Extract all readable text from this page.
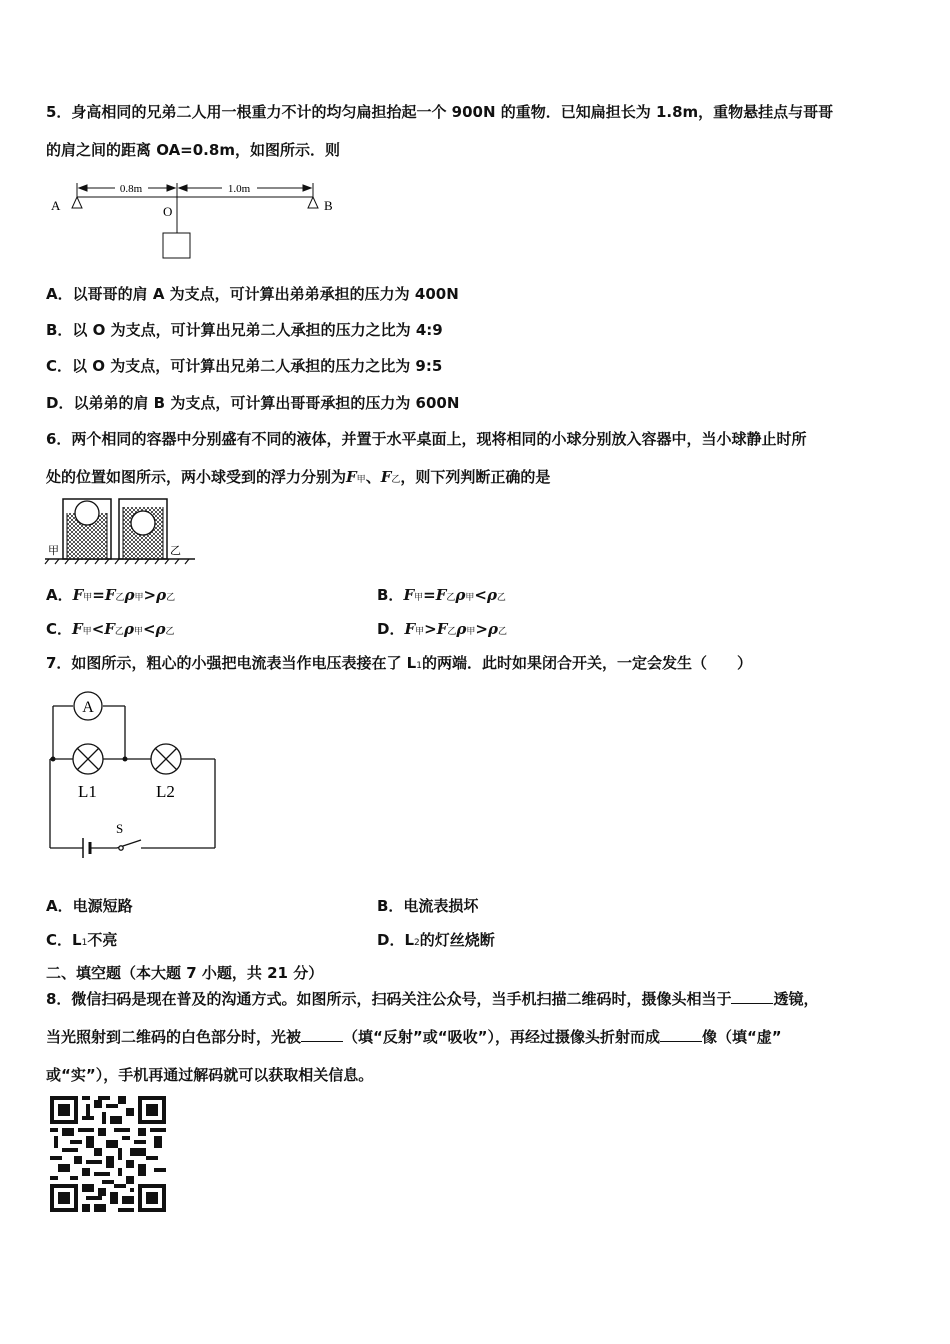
5．身高相同的兄弟二人用一根重力不计的均匀扁担抬起一个 900N 的重物．已知扁担长为 1.8m，重物悬挂点与哥哥
的肩之间的距离 OA=0.8m，如图所示．则
0.8m	1.0m
A	O	B
A．以哥哥的肩 A 为支点，可计算出弟弟承担的压力为 400N
B．以 O 为支点，可计算出兄弟二人承担的压力之比为 4:9
C．以 O 为支点，可计算出兄弟二人承担的压力之比为 9:5
D．以弟弟的肩 B 为支点，可计算出哥哥承担的压力为 600N
6．两个相同的容器中分别盛有不同的液体，并置于水平桌面上，现将相同的小球分别放入容器中，当小球静止时所
处的位置如图所示，两小球受到的浮力分别为F甲、F乙，则下列判断正确的是
甲	乙
A．F甲=F乙ρ甲>ρ乙	B．F甲=F乙ρ甲<ρ乙
C．F甲<F乙ρ甲<ρ乙	D．F甲>F乙ρ甲>ρ乙
7．如图所示，粗心的小强把电流表当作电压表接在了 L1的两端．此时如果闭合开关，一定会发生（　　）
A
L1	L2
S
A．电源短路	B．电流表损坏
C．L1不亮	D．L2的灯丝烧断
二、填空题（本大题 7 小题，共 21 分）
8．微信扫码是现在普及的沟通方式。如图所示，扫码关注公众号，当手机扫描二维码时，摄像头相当于	透镜，
当光照射到二维码的白色部分时，光被	（填“反射”或“吸收”），再经过摄像头折射而成	像（填“虚”
或“实”），手机再通过解码就可以获取相关信息。
